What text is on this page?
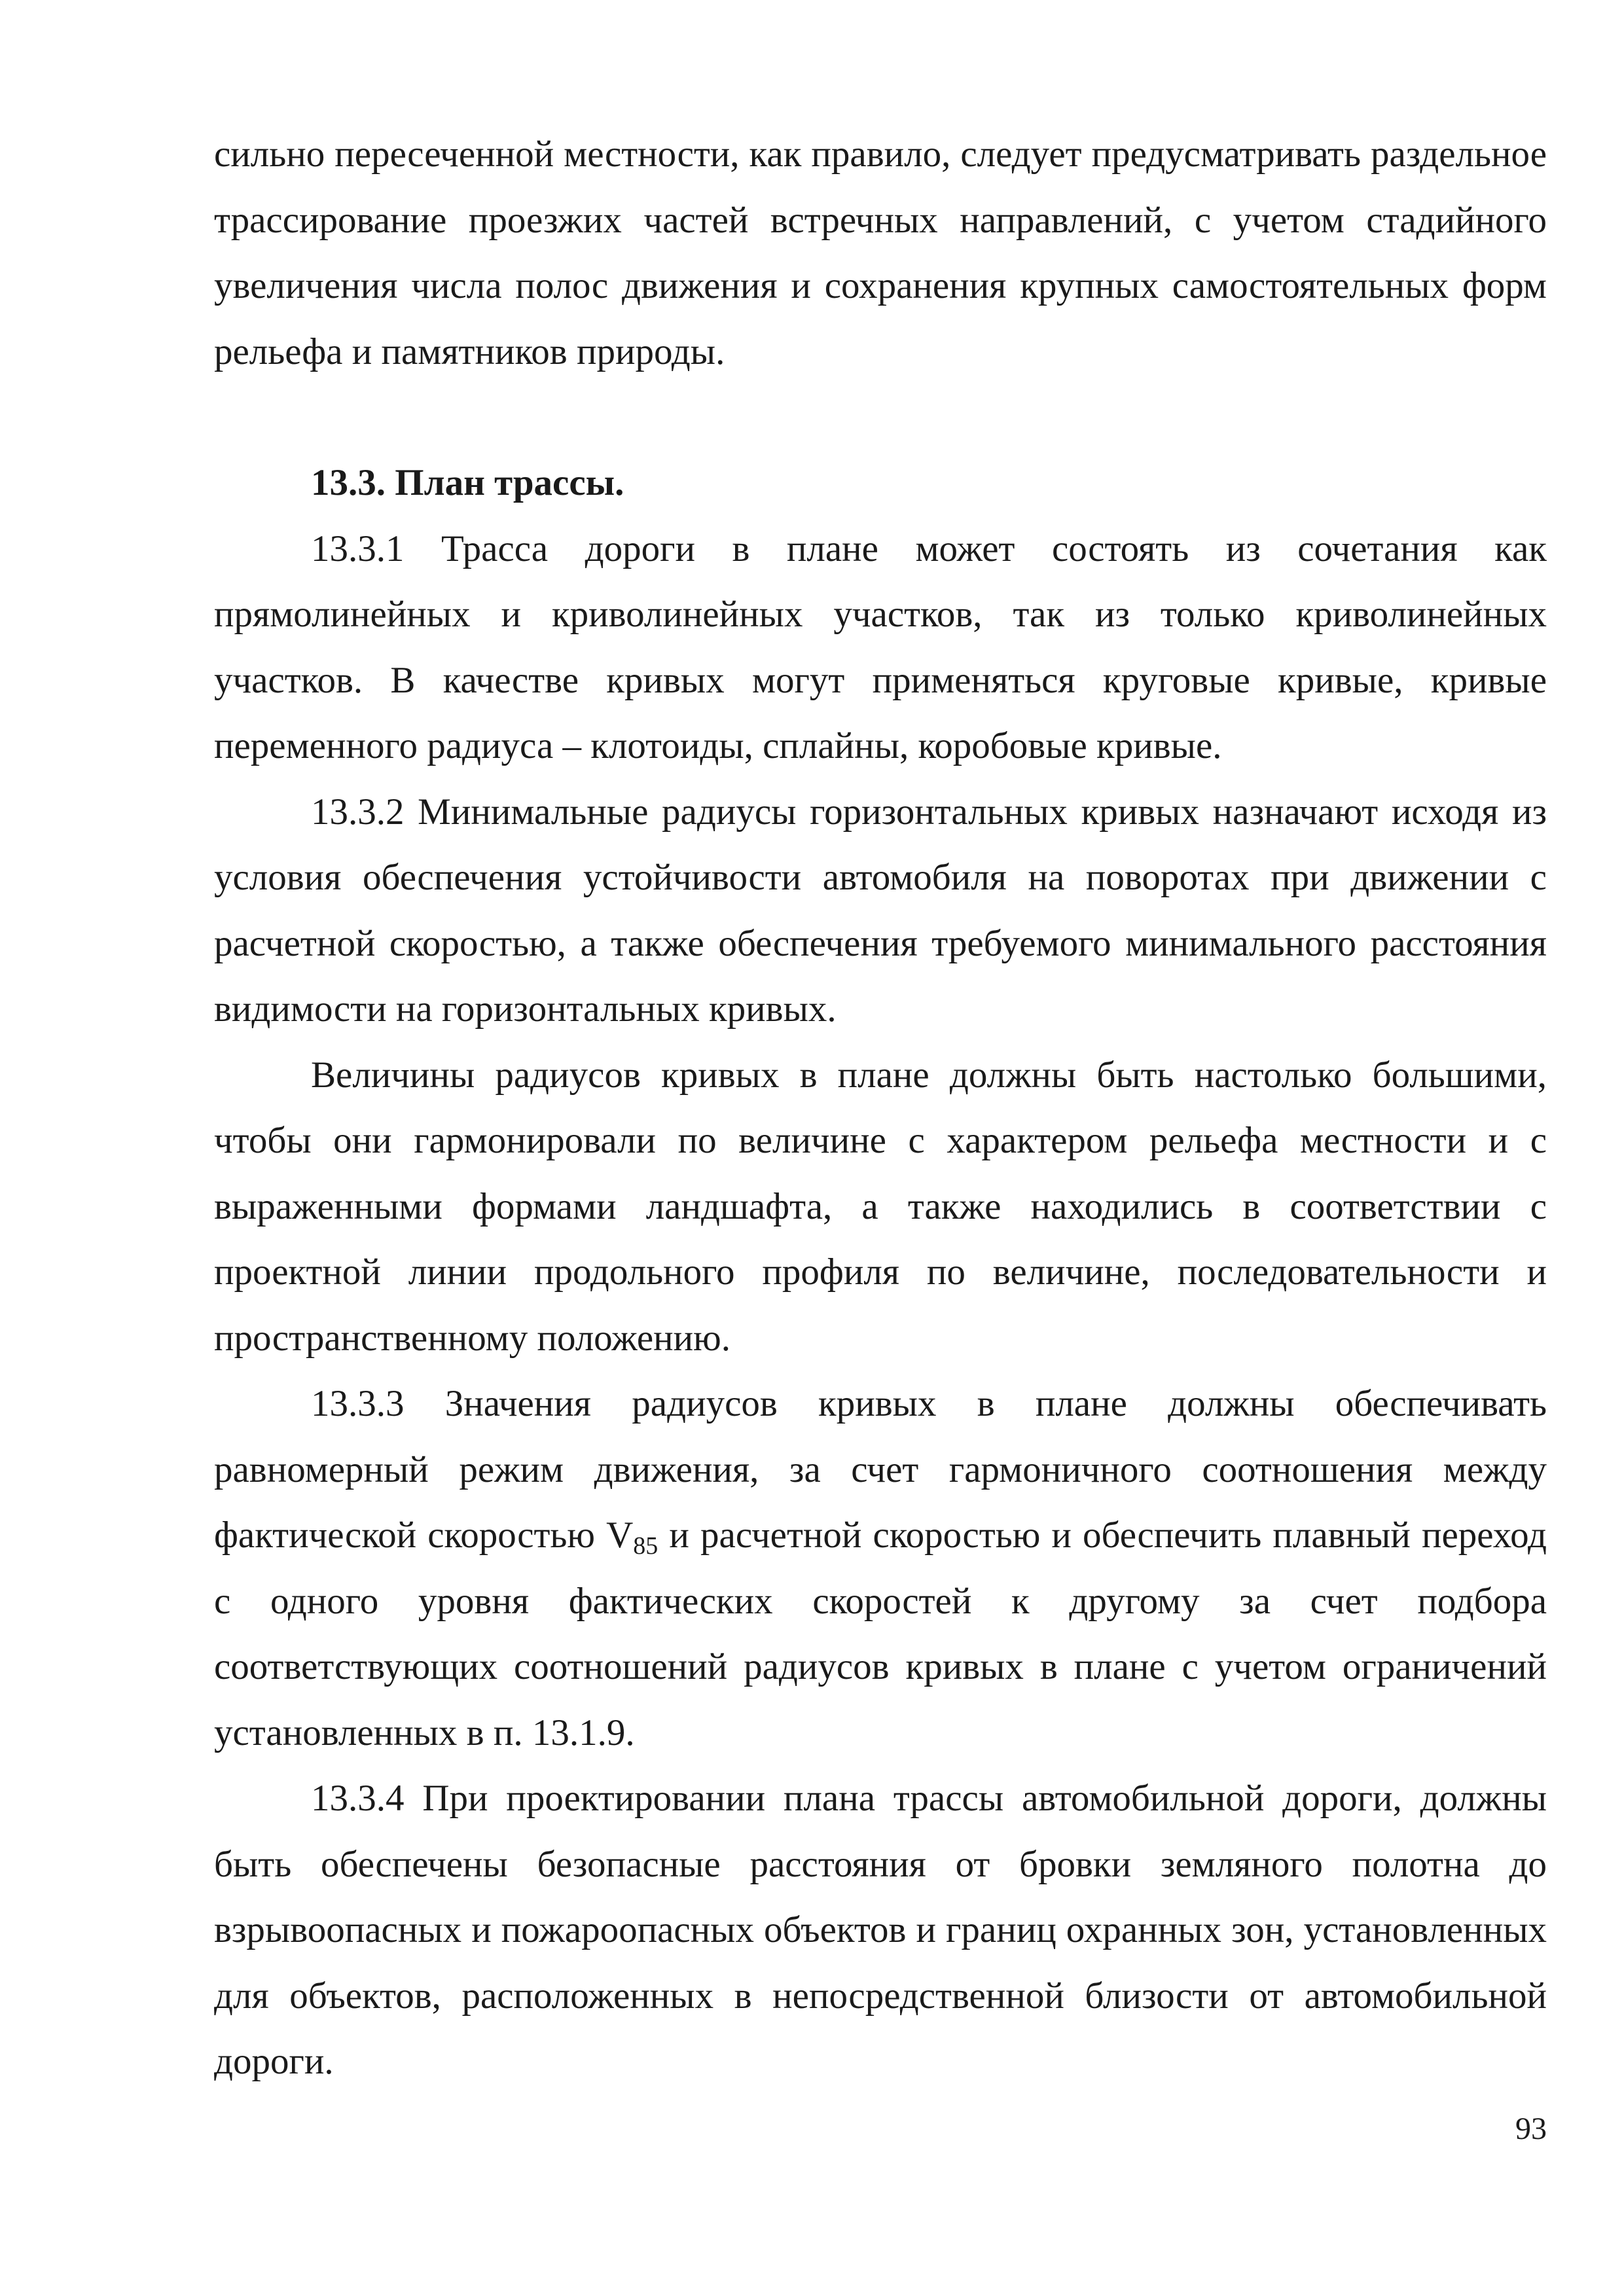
сильно пересеченной местности, как правило, следует предусматривать раздельное трассирование проезжих частей встречных направлений, с учетом стадийного увеличения числа полос движения и сохранения крупных самостоятельных форм рельефа и памятников природы.

13.3. План трассы.

13.3.1 Трасса дороги в плане может состоять из сочетания как прямолинейных и криволинейных участков, так из только криволинейных участков. В качестве кривых могут применяться круговые кривые, кривые переменного радиуса – клотоиды, сплайны, коробовые кривые.

13.3.2 Минимальные радиусы горизонтальных кривых назначают исходя из условия обеспечения устойчивости автомобиля на поворотах при движении с расчетной скоростью, а также обеспечения требуемого минимального расстояния видимости на горизонтальных кривых.

Величины радиусов кривых в плане должны быть настолько большими, чтобы они гармонировали по величине с характером рельефа местности и с выраженными формами ландшафта, а также находились в соответствии с проектной линии продольного профиля по величине, последовательности и пространственному положению.

13.3.3 Значения радиусов кривых в плане должны обеспечивать равномерный режим движения, за счет гармоничного соотношения между фактической скоростью $V_{85}$ и расчетной скоростью и обеспечить плавный переход с одного уровня фактических скоростей к другому за счет подбора соответствующих соотношений радиусов кривых в плане с учетом ограничений установленных в п. 13.1.9.

13.3.4 При проектировании плана трассы автомобильной дороги, должны быть обеспечены безопасные расстояния от бровки земляного полотна до взрывоопасных и пожароопасных объектов и границ охранных зон, установленных для объектов, расположенных в непосредственной близости от автомобильной дороги.

93
